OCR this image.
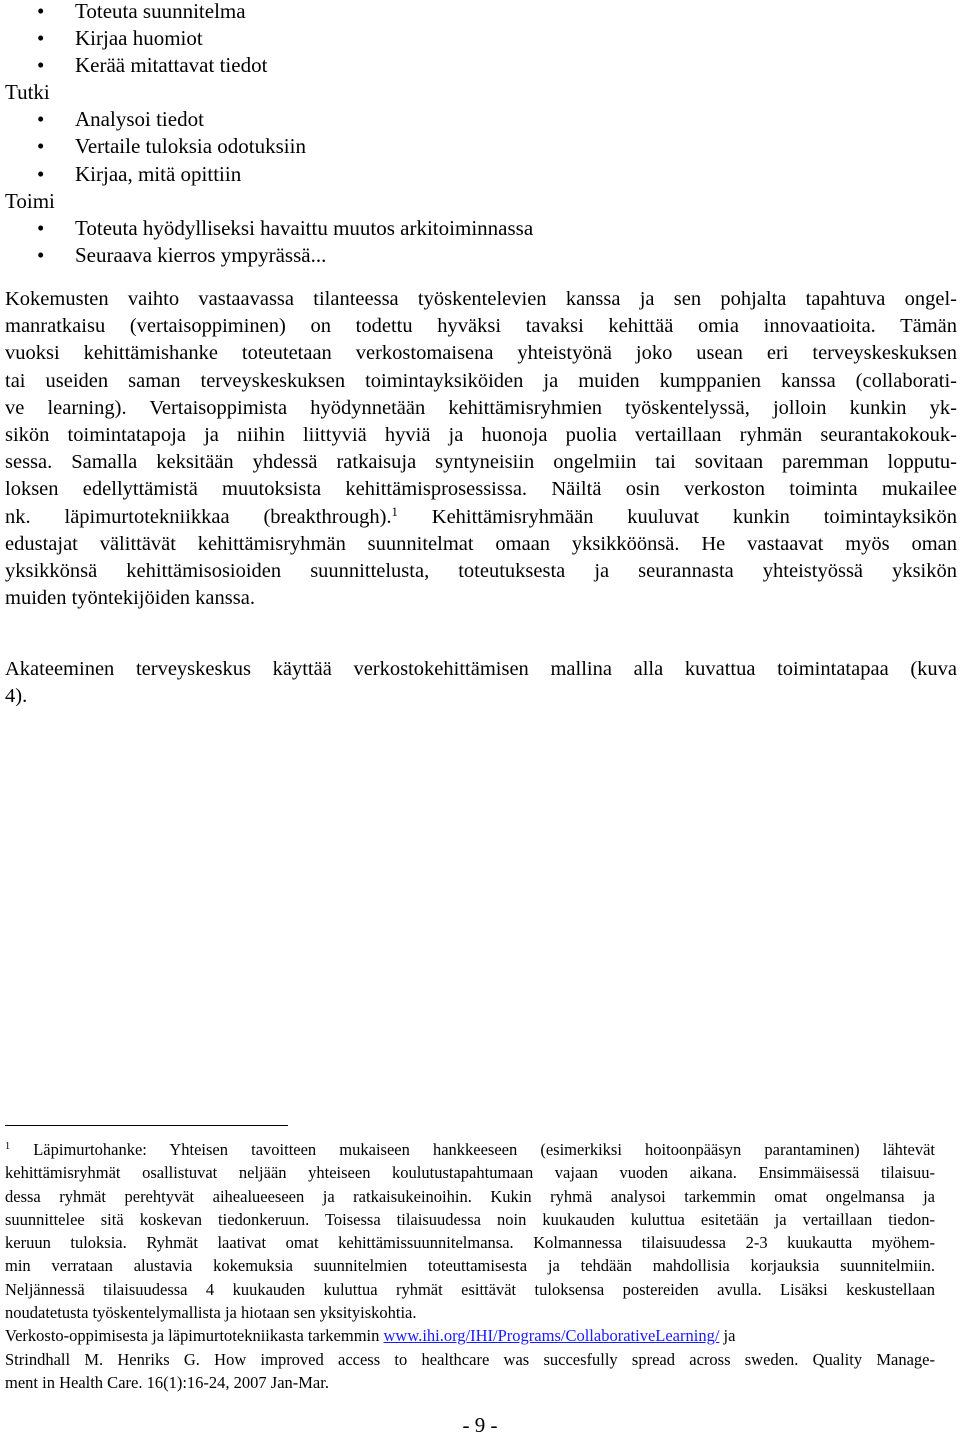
• Toteuta suunnitelma
• Kirjaa huomiot
• Kerää mitattavat tiedot
Tutki
• Analysoi tiedot
• Vertaile tuloksia odotuksiin
• Kirjaa, mitä opittiin
Toimi
• Toteuta hyödylliseksi havaittu muutos arkitoiminnassa
• Seuraava kierros ympyrässä...
Kokemusten vaihto vastaavassa tilanteessa työskentelevien kanssa ja sen pohjalta tapahtuva ongel-
manratkaisu (vertaisoppiminen) on todettu hyväksi tavaksi kehittää omia innovaatioita. Tämän
vuoksi kehittämishanke toteutetaan verkostomaisena yhteistyönä joko usean eri terveyskeskuksen
tai useiden saman terveyskeskuksen toimintayksiköiden ja muiden kumppanien kanssa (collaborati-
ve learning). Vertaisoppimista hyödynnetään kehittämisryhmien työskentelyssä, jolloin kunkin yk-
sikön toimintatapoja ja niihin liittyviä hyviä ja huonoja puolia vertaillaan ryhmän seurantakokouk-
sessa. Samalla keksitään yhdessä ratkaisuja syntyneisiin ongelmiin tai sovitaan paremman lopputu-
loksen edellyttämistä muutoksista kehittämisprosessissa. Näiltä osin verkoston toiminta mukailee
nk. läpimurtotekniikkaa (breakthrough).$^1$ Kehittämisryhmään kuuluvat kunkin toimintayksikön
edustajat välittävät kehittämisryhmän suunnitelmat omaan yksikköönsä. He vastaavat myös oman
yksikkönsä kehittämisosioiden suunnittelusta, toteutuksesta ja seurannasta yhteistyössä yksikön
muiden työntekijöiden kanssa.
Akateeminen terveyskeskus käyttää verkostokehittämisen mallina alla kuvattua toimintatapaa (kuva
4).
$^1$ Läpimurtohanke: Yhteisen tavoitteen mukaiseen hankkeeseen (esimerkiksi hoitoonpääsyn parantaminen) lähtevät
kehittämisryhmät osallistuvat neljään yhteiseen koulutustapahtumaan vajaan vuoden aikana. Ensimmäisessä tilaisuu-
dessa ryhmät perehtyvät aihealueeseen ja ratkaisukeinoihin. Kukin ryhmä analysoi tarkemmin omat ongelmansa ja
suunnittelee sitä koskevan tiedonkeruun. Toisessa tilaisuudessa noin kuukauden kuluttua esitetään ja vertaillaan tiedon-
keruun tuloksia. Ryhmät laativat omat kehittämissuunnitelmansa. Kolmannessa tilaisuudessa 2-3 kuukautta myöhem-
min verrataan alustavia kokemuksia suunnitelmien toteuttamisesta ja tehdään mahdollisia korjauksia suunnitelmiin.
Neljännessä tilaisuudessa 4 kuukauden kuluttua ryhmät esittävät tuloksensa postereiden avulla. Lisäksi keskustellaan
noudatetusta työskentelymallista ja hiotaan sen yksityiskohtia.
Verkosto-oppimisesta ja läpimurtotekniikasta tarkemmin www.ihi.org/IHI/Programs/CollaborativeLearning/ ja
Strindhall M. Henriks G. How improved access to healthcare was succesfully spread across sweden. Quality Manage-
ment in Health Care. 16(1):16-24, 2007 Jan-Mar.
- 9 -
